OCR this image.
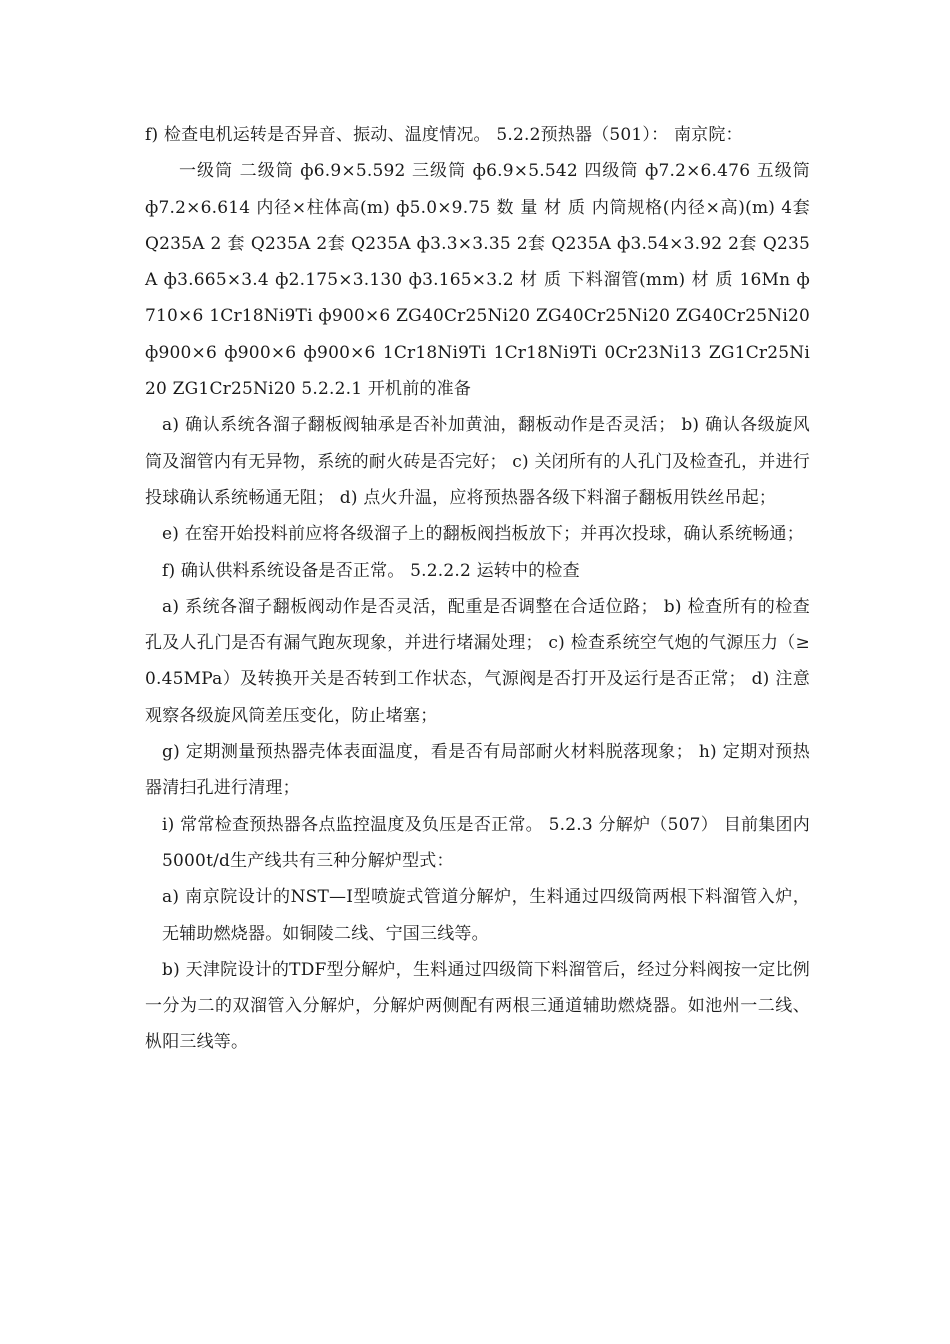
f) 检查电机运转是否异音、振动、温度情况。 5.2.2预热器（501）： 南京院：

一级筒 二级筒 ф6.9×5.592 三级筒 ф6.9×5.542 四级筒 ф7.2×6.476 五级筒 ф7.2×6.614 内径×柱体高(m) ф5.0×9.75 数 量 材 质 内筒规格(内径×高)(m) 4套 Q235A 2 套 Q235A 2套 Q235A ф3.3×3.35 2套 Q235A ф3.54×3.92 2套 Q235A ф3.665×3.4 ф2.175×3.130 ф3.165×3.2 材 质 下料溜管(mm) 材 质 16Mn ф710×6 1Cr18Ni9Ti ф900×6 ZG40Cr25Ni20 ZG40Cr25Ni20 ZG40Cr25Ni20 ф900×6 ф900×6 ф900×6 1Cr18Ni9Ti 1Cr18Ni9Ti 0Cr23Ni13 ZG1Cr25Ni20 ZG1Cr25Ni20 5.2.2.1 开机前的准备

a) 确认系统各溜子翻板阀轴承是否补加黄油，翻板动作是否灵活； b) 确认各级旋风筒及溜管内有无异物，系统的耐火砖是否完好； c) 关闭所有的人孔门及检查孔，并进行投球确认系统畅通无阻； d) 点火升温，应将预热器各级下料溜子翻板用铁丝吊起；

e) 在窑开始投料前应将各级溜子上的翻板阀挡板放下；并再次投球，确认系统畅通；

f) 确认供料系统设备是否正常。 5.2.2.2 运转中的检查

a) 系统各溜子翻板阀动作是否灵活，配重是否调整在合适位路； b) 检查所有的检查孔及人孔门是否有漏气跑灰现象，并进行堵漏处理； c) 检查系统空气炮的气源压力（≥0.45MPa）及转换开关是否转到工作状态，气源阀是否打开及运行是否正常； d) 注意观察各级旋风筒差压变化，防止堵塞；

g) 定期测量预热器壳体表面温度，看是否有局部耐火材料脱落现象； h) 定期对预热器清扫孔进行清理；

i) 常常检查预热器各点监控温度及负压是否正常。 5.2.3 分解炉（507） 目前集团内5000t/d生产线共有三种分解炉型式：

a) 南京院设计的NST—I型喷旋式管道分解炉，生料通过四级筒两根下料溜管入炉，无辅助燃烧器。如铜陵二线、宁国三线等。

b) 天津院设计的TDF型分解炉，生料通过四级筒下料溜管后，经过分料阀按一定比例一分为二的双溜管入分解炉，分解炉两侧配有两根三通道辅助燃烧器。如池州一二线、枞阳三线等。
